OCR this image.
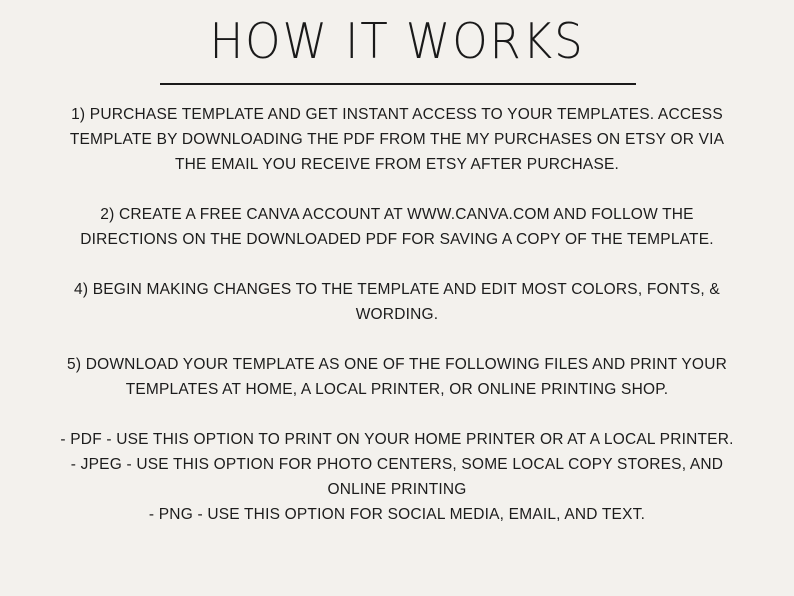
HOW IT WORKS
1) PURCHASE TEMPLATE AND GET INSTANT ACCESS TO YOUR TEMPLATES. ACCESS
TEMPLATE BY DOWNLOADING THE PDF FROM THE MY PURCHASES ON ETSY OR VIA
THE EMAIL YOU RECEIVE FROM ETSY AFTER PURCHASE.
2) CREATE A FREE CANVA ACCOUNT AT WWW.CANVA.COM AND FOLLOW THE
DIRECTIONS ON THE DOWNLOADED PDF FOR SAVING A COPY OF THE TEMPLATE.
4) BEGIN MAKING CHANGES TO THE TEMPLATE AND EDIT MOST COLORS, FONTS, &
WORDING.
5) DOWNLOAD YOUR TEMPLATE AS ONE OF THE FOLLOWING FILES AND PRINT YOUR
TEMPLATES AT HOME, A LOCAL PRINTER, OR ONLINE PRINTING SHOP.
- PDF - USE THIS OPTION TO PRINT ON YOUR HOME PRINTER OR AT A LOCAL PRINTER.
- JPEG - USE THIS OPTION FOR PHOTO CENTERS, SOME LOCAL COPY STORES, AND
ONLINE PRINTING
- PNG - USE THIS OPTION FOR SOCIAL MEDIA, EMAIL, AND TEXT.
